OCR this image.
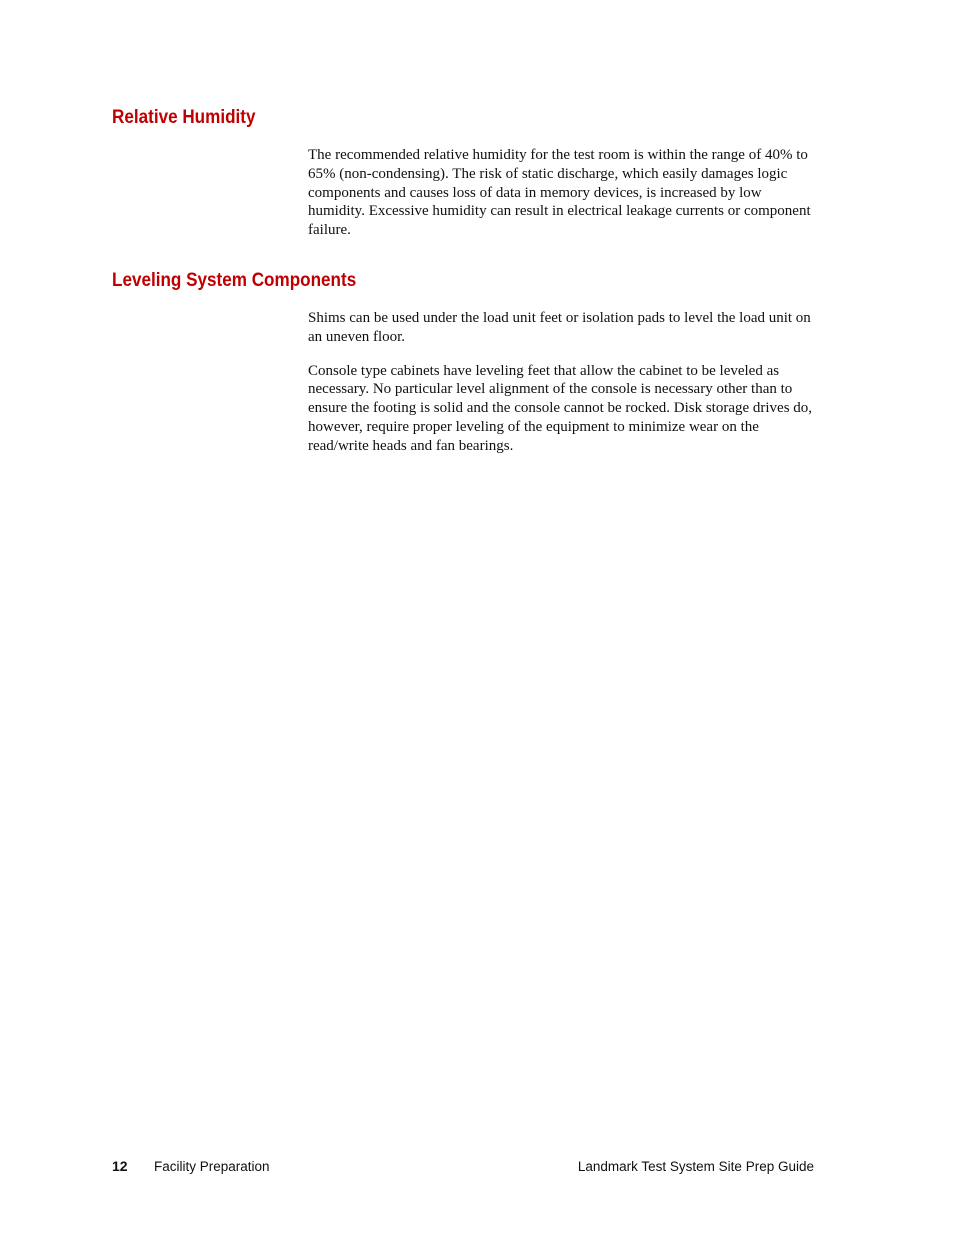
Relative Humidity

The recommended relative humidity for the test room is within the range of 40% to 65% (non-condensing). The risk of static discharge, which easily damages logic components and causes loss of data in memory devices, is increased by low humidity. Excessive humidity can result in electrical leakage currents or component failure.

Leveling System Components

Shims can be used under the load unit feet or isolation pads to level the load unit on an uneven floor.

Console type cabinets have leveling feet that allow the cabinet to be leveled as necessary. No particular level alignment of the console is necessary other than to ensure the footing is solid and the console cannot be rocked. Disk storage drives do, however, require proper leveling of the equipment to minimize wear on the read/write heads and fan bearings.

12 Facility Preparation	Landmark Test System Site Prep Guide
